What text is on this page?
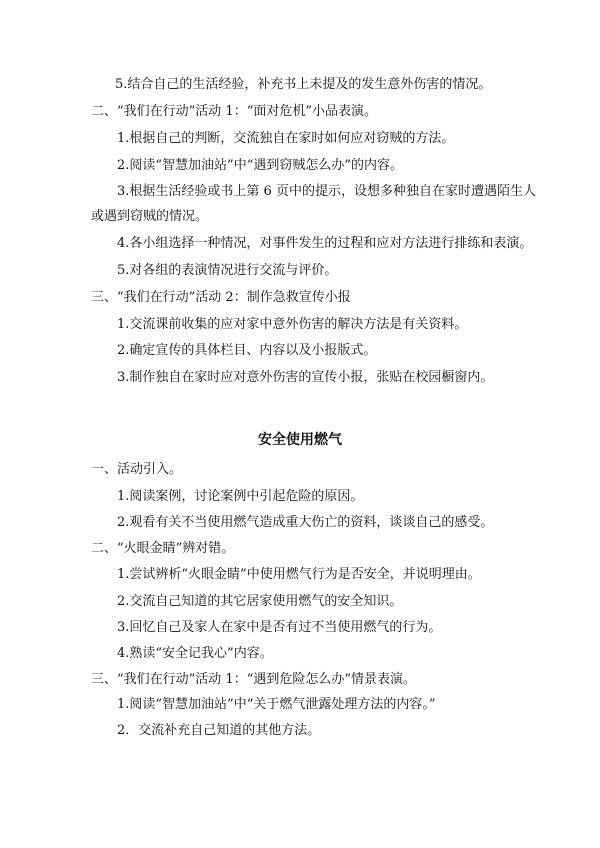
5.结合自己的生活经验，补充书上未提及的发生意外伤害的情况。
二、“我们在行动”活动 1：“面对危机”小品表演。
1.根据自己的判断，交流独自在家时如何应对窃贼的方法。
2.阅读“智慧加油站”中“遇到窃贼怎么办”的内容。
3.根据生活经验或书上第 6 页中的提示，设想多种独自在家时遭遇陌生人
或遇到窃贼的情况。
4.各小组选择一种情况，对事件发生的过程和应对方法进行排练和表演。
5.对各组的表演情况进行交流与评价。
三、“我们在行动”活动 2：制作急救宣传小报
1.交流课前收集的应对家中意外伤害的解决方法是有关资料。
2.确定宣传的具体栏目、内容以及小报版式。
3.制作独自在家时应对意外伤害的宣传小报，张贴在校园橱窗内。
安全使用燃气
一、活动引入。
1.阅读案例，讨论案例中引起危险的原因。
2.观看有关不当使用燃气造成重大伤亡的资料，谈谈自己的感受。
二、“火眼金睛”辨对错。
1.尝试辨析“火眼金睛”中使用燃气行为是否安全，并说明理由。
2.交流自己知道的其它居家使用燃气的安全知识。
3.回忆自己及家人在家中是否有过不当使用燃气的行为。
4.熟读“安全记我心”内容。
三、“我们在行动”活动 1：“遇到危险怎么办”情景表演。
1.阅读“智慧加油站”中“关于燃气泄露处理方法的内容。”
2．交流补充自己知道的其他方法。
